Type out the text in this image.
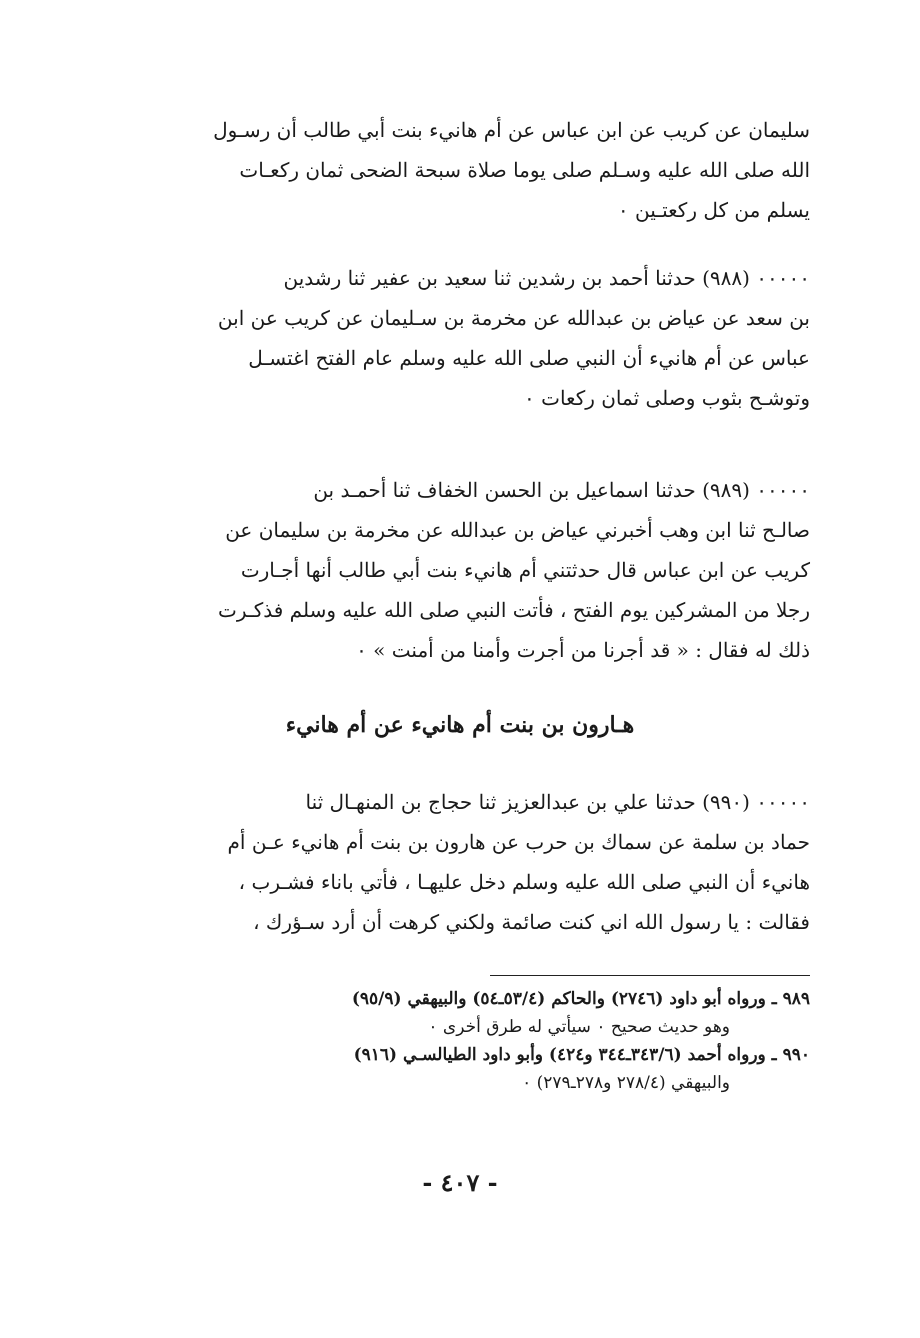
سليمان عن كريب عن ابن عباس عن أم هانيء بنت أبي طالب أن رسـول
الله صلى الله عليه وسـلم صلى يوما صلاة سبحة الضحى ثمان ركعـات
يسلم من كل ركعتـين ٠
٠٠٠٠٠ (٩٨٨) حدثنا أحمد بن رشدين ثنا سعيد بن عفير ثنا رشدين
بن سعد عن عياض بن عبدالله عن مخرمة بن سـليمان عن كريب عن ابن
عباس عن أم هانيء أن النبي صلى الله عليه وسلم عام الفتح اغتسـل
وتوشـح بثوب وصلى ثمان ركعات ٠
٠٠٠٠٠ (٩٨٩) حدثنا اسماعيل بن الحسن الخفاف ثنا أحمـد بن
صالـح ثنا ابن وهب أخبرني عياض بن عبدالله عن مخرمة بن سليمان عن
كريب عن ابن عباس قال حدثتني أم هانيء بنت أبي طالب أنها أجـارت
رجلا من المشركين يوم الفتح ، فأتت النبي صلى الله عليه وسلم فذكـرت
ذلك له فقال : « قد أجرنا من أجرت وأمنا من أمنت » ٠
هـارون بن بنت أم هانيء عن أم هانيء
٠٠٠٠٠ (٩٩٠) حدثنا علي بن عبدالعزيز ثنا حجاج بن المنهـال ثنا
حماد بن سلمة عن سماك بن حرب عن هارون بن بنت أم هانيء عـن أم
هانيء أن النبي صلى الله عليه وسلم دخل عليهـا ، فأتي باناء فشـرب ،
فقالت : يا رسول الله اني كنت صائمة ولكني كرهت أن أرد سـؤرك ،
٩٨٩ ـ ورواه أبو داود (٢٧٤٦) والحاكم (٥٣/٤ـ٥٤) والبيهقي (٩٥/٩)
وهو حديث صحيح ٠ سيأتي له طرق أخرى ٠
٩٩٠ ـ ورواه أحمد (٣٤٣/٦ـ٣٤٤ و٤٢٤) وأبو داود الطيالسـي (٩١٦)
والبيهقي (٢٧٨/٤ و٢٧٨ـ٢٧٩) ٠
- ٤٠٧ -
